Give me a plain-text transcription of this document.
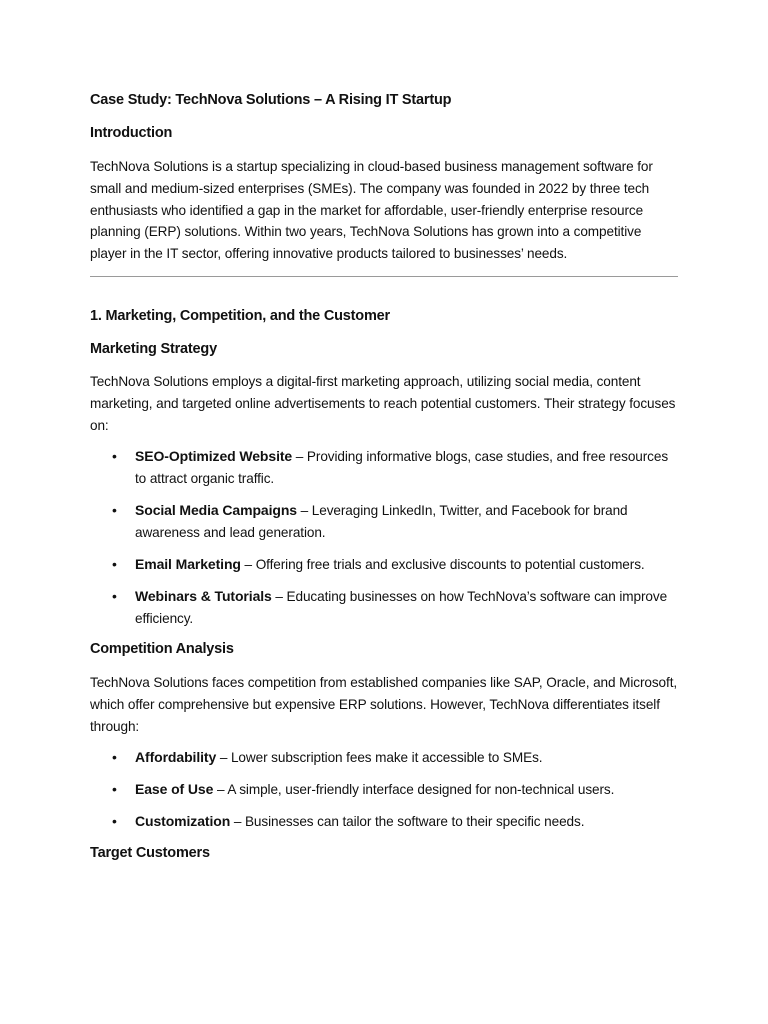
Case Study: TechNova Solutions – A Rising IT Startup
Introduction
TechNova Solutions is a startup specializing in cloud-based business management software for small and medium-sized enterprises (SMEs). The company was founded in 2022 by three tech enthusiasts who identified a gap in the market for affordable, user-friendly enterprise resource planning (ERP) solutions. Within two years, TechNova Solutions has grown into a competitive player in the IT sector, offering innovative products tailored to businesses’ needs.
1. Marketing, Competition, and the Customer
Marketing Strategy
TechNova Solutions employs a digital-first marketing approach, utilizing social media, content marketing, and targeted online advertisements to reach potential customers. Their strategy focuses on:
• SEO-Optimized Website – Providing informative blogs, case studies, and free resources to attract organic traffic.
• Social Media Campaigns – Leveraging LinkedIn, Twitter, and Facebook for brand awareness and lead generation.
• Email Marketing – Offering free trials and exclusive discounts to potential customers.
• Webinars & Tutorials – Educating businesses on how TechNova’s software can improve efficiency.
Competition Analysis
TechNova Solutions faces competition from established companies like SAP, Oracle, and Microsoft, which offer comprehensive but expensive ERP solutions. However, TechNova differentiates itself through:
• Affordability – Lower subscription fees make it accessible to SMEs.
• Ease of Use – A simple, user-friendly interface designed for non-technical users.
• Customization – Businesses can tailor the software to their specific needs.
Target Customers
